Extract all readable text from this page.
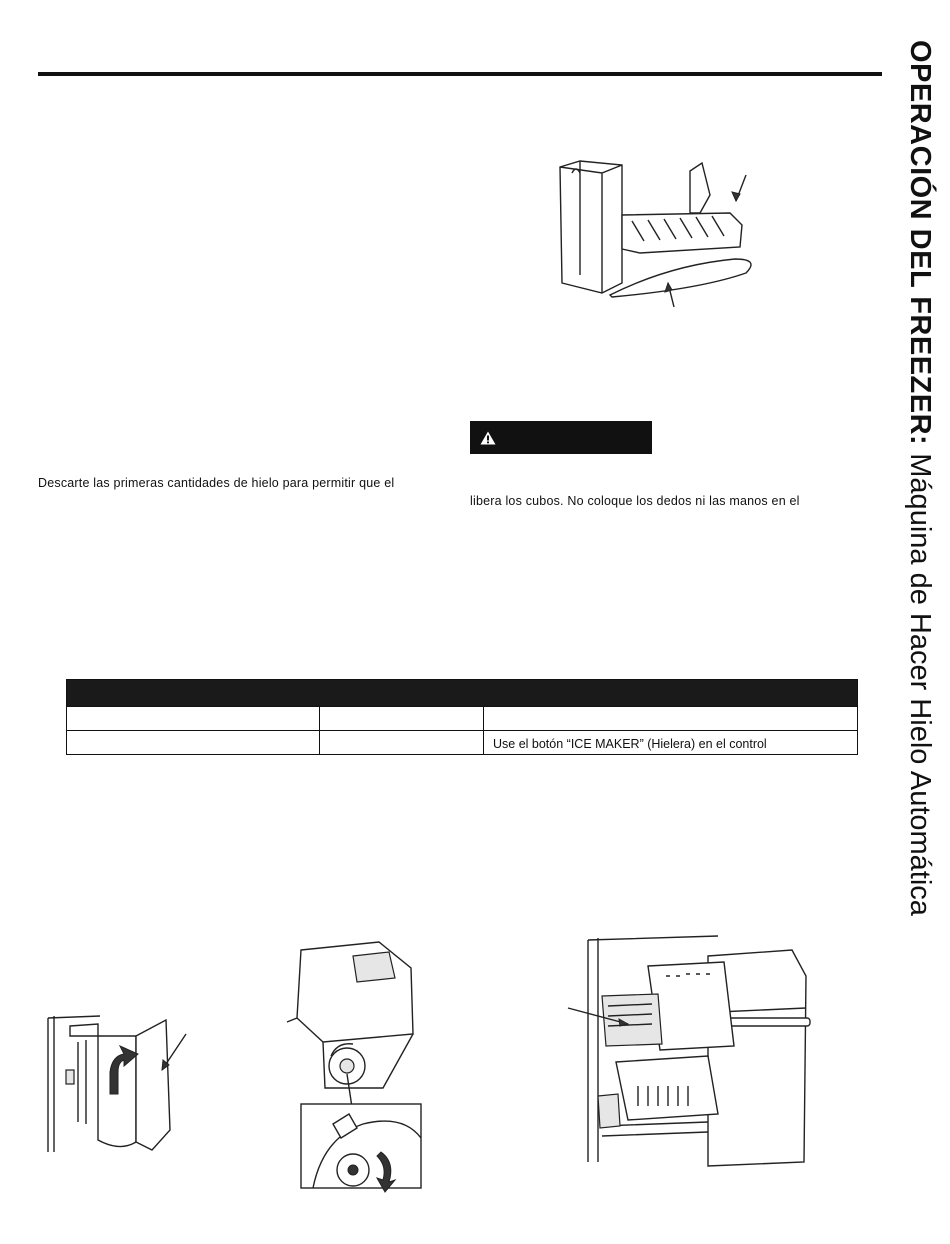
OPERACIÓN DEL FREEZER: Máquina de Hacer Hielo Automática
Descarte las primeras cantidades de hielo para permitir que el
libera los cubos. No coloque los dedos ni las manos en el
Use el botón “ICE MAKER” (Hielera) en el control
